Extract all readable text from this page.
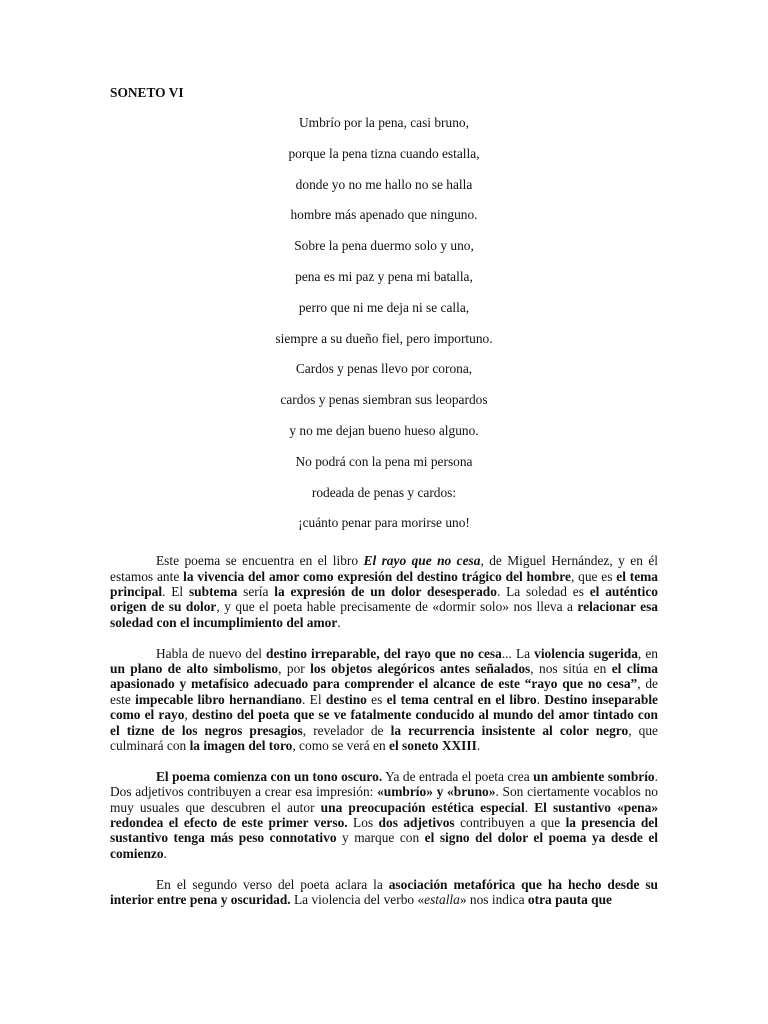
SONETO VI

Umbrío por la pena, casi bruno,

porque la pena tizna cuando estalla,

donde yo no me hallo no se halla

hombre más apenado que ninguno.

Sobre la pena duermo solo y uno,

pena es mi paz y pena mi batalla,

perro que ni me deja ni se calla,

siempre a su dueño fiel, pero importuno.

Cardos y penas llevo por corona,

cardos y penas siembran sus leopardos

y no me dejan bueno hueso alguno.

No podrá con la pena mi persona

rodeada de penas y cardos:

¡cuánto penar para morirse uno!

Este poema se encuentra en el libro El rayo que no cesa, de Miguel Hernández, y en él estamos ante la vivencia del amor como expresión del destino trágico del hombre, que es el tema principal. El subtema sería la expresión de un dolor desesperado. La soledad es el auténtico origen de su dolor, y que el poeta hable precisamente de «dormir solo» nos lleva a relacionar esa soledad con el incumplimiento del amor.

Habla de nuevo del destino irreparable, del rayo que no cesa... La violencia sugerida, en un plano de alto simbolismo, por los objetos alegóricos antes señalados, nos sitúa en el clima apasionado y metafísico adecuado para comprender el alcance de este “rayo que no cesa”, de este impecable libro hernandiano. El destino es el tema central en el libro. Destino inseparable como el rayo, destino del poeta que se ve fatalmente conducido al mundo del amor tintado con el tizne de los negros presagios, revelador de la recurrencia insistente al color negro, que culminará con la imagen del toro, como se verá en el soneto XXIII.

El poema comienza con un tono oscuro. Ya de entrada el poeta crea un ambiente sombrío. Dos adjetivos contribuyen a crear esa impresión: «umbrío» y «bruno». Son ciertamente vocablos no muy usuales que descubren el autor una preocupación estética especial. El sustantivo «pena» redondea el efecto de este primer verso. Los dos adjetivos contribuyen a que la presencia del sustantivo tenga más peso connotativo y marque con el signo del dolor el poema ya desde el comienzo.

En el segundo verso del poeta aclara la asociación metafórica que ha hecho desde su interior entre pena y oscuridad. La violencia del verbo «estalla» nos indica otra pauta que
